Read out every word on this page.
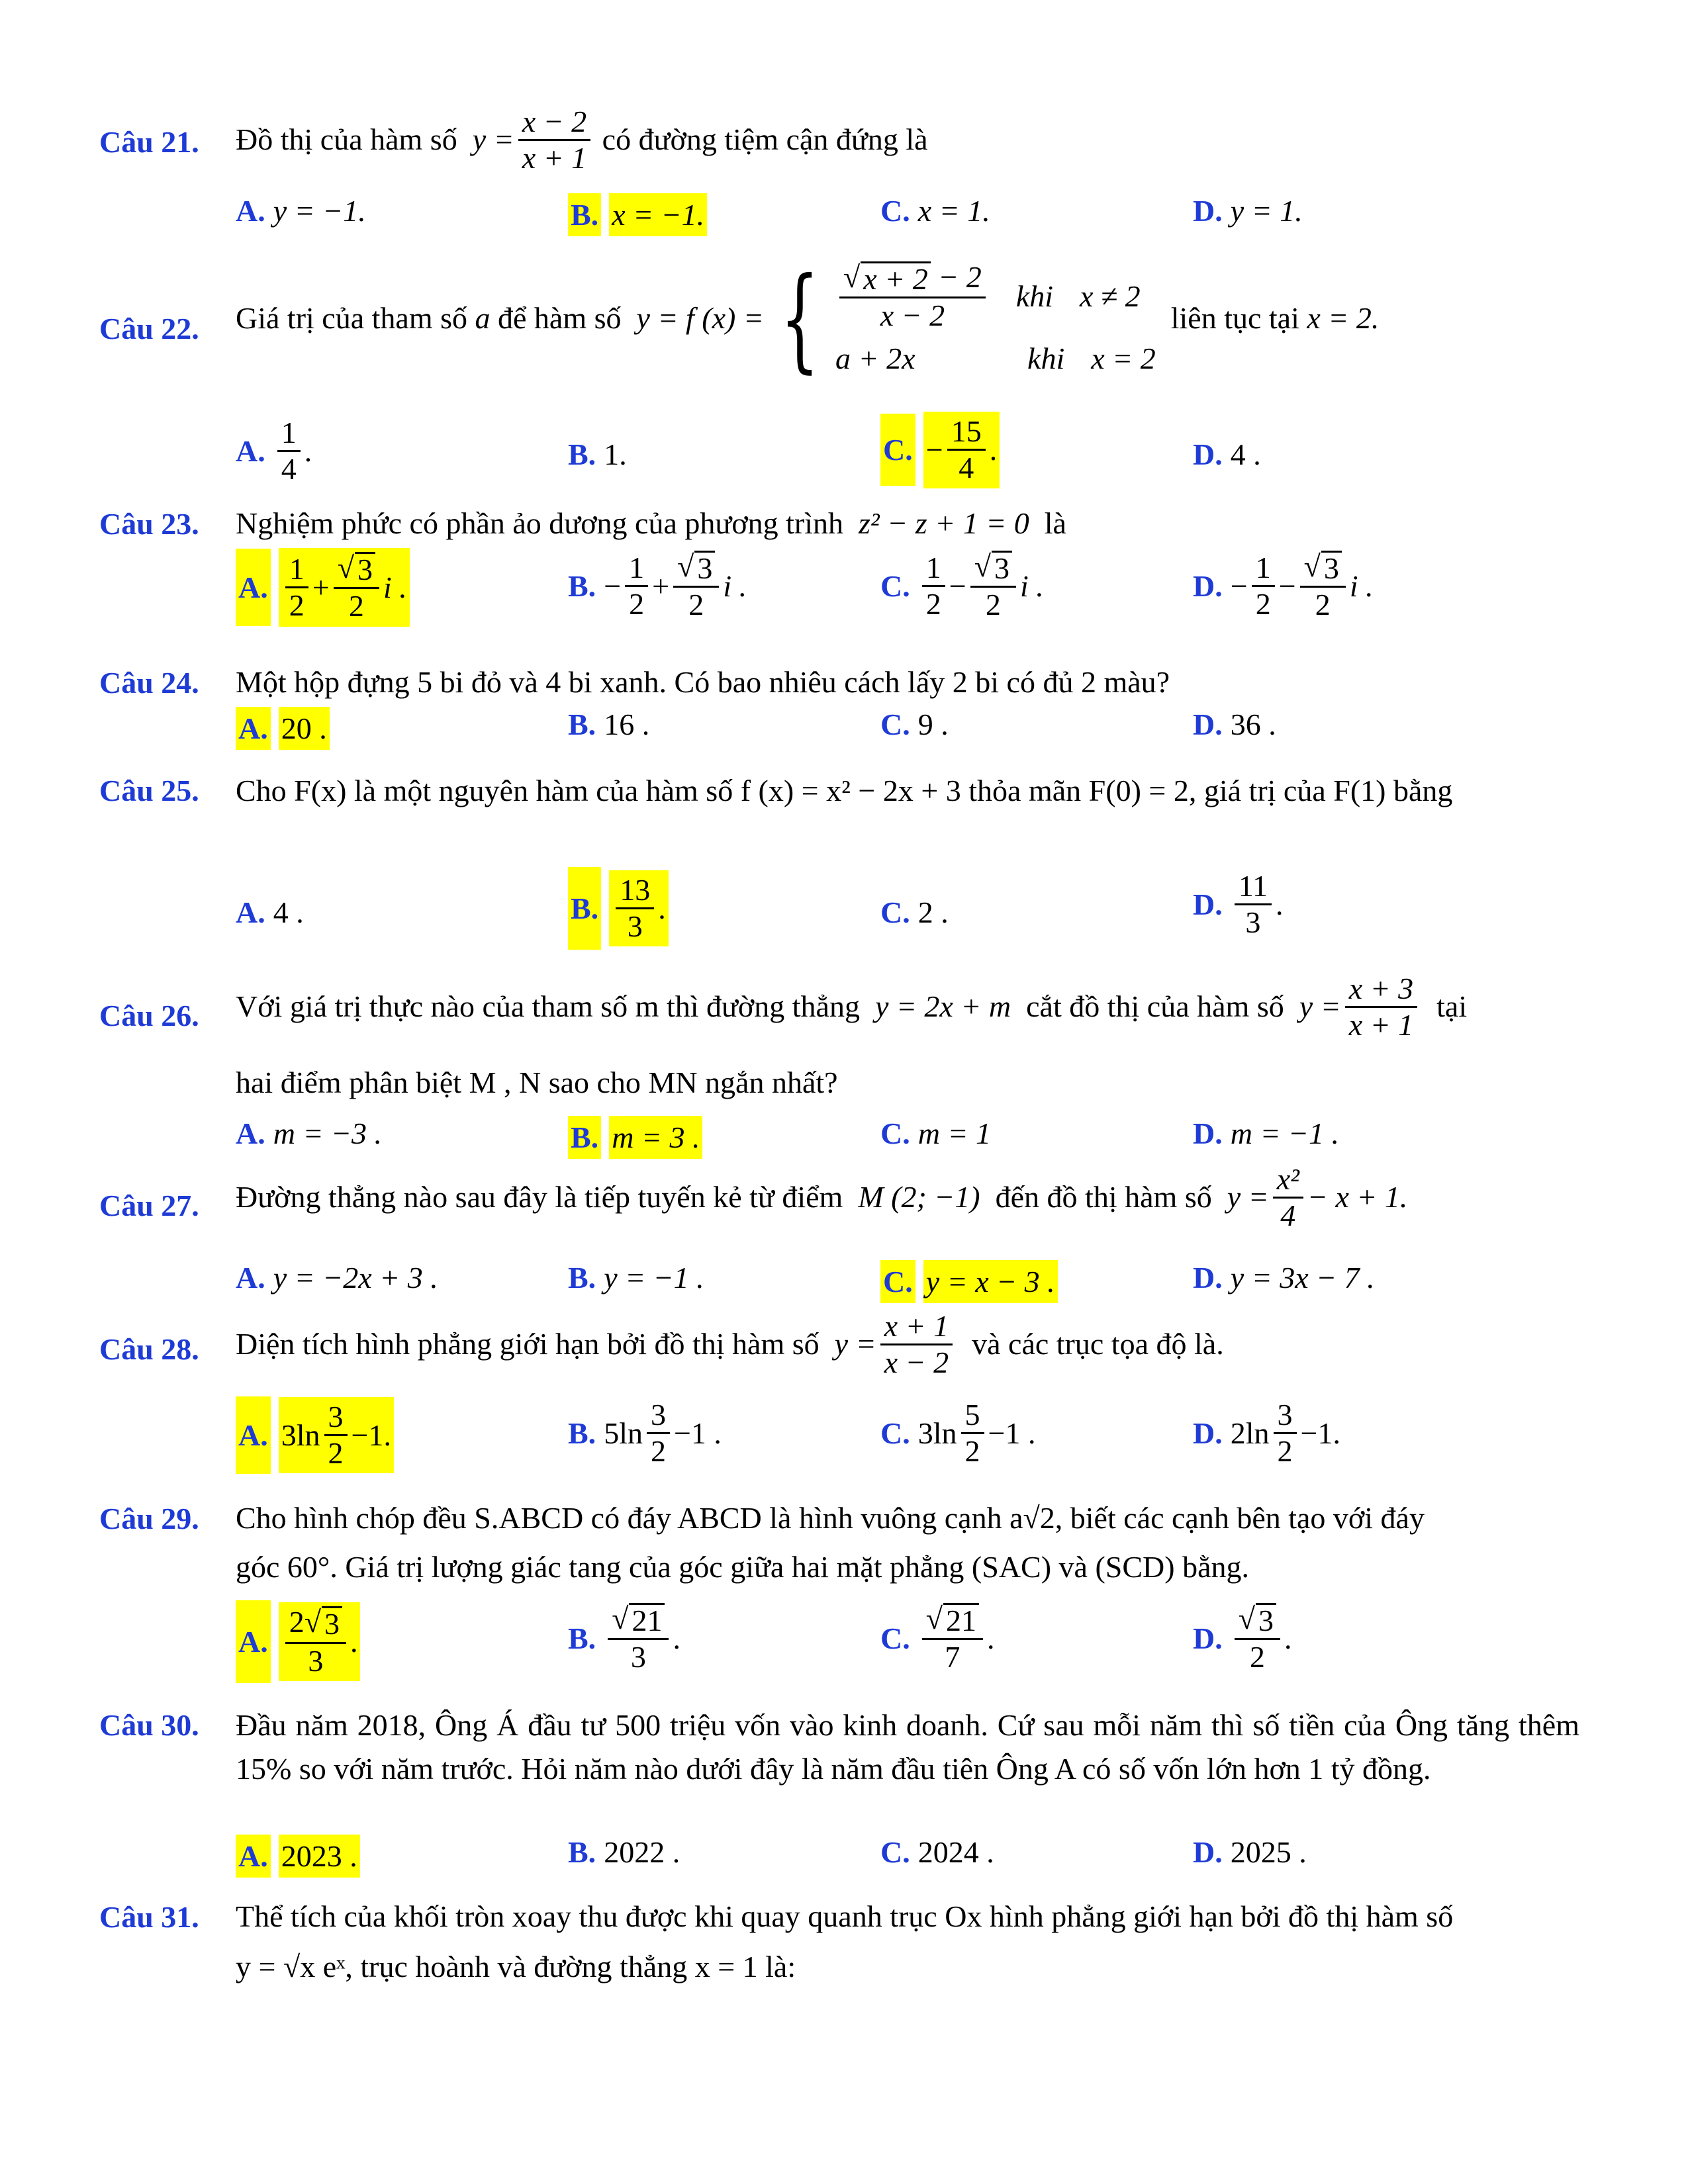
Câu 21. Đồ thị của hàm số
$y = \frac{x - 2}{x + 1}$
có đường tiệm cận đứng là
A. y = −1.	B. x = −1.	C. x = 1.	D. y = 1.
Câu 22. Giá trị của tham số
a
để hàm số
y = f (x) = { $\frac{√ x + 2 - 2}{x - 2}$ khi x ≠ 2
a + 2x	khi x = 2

liên tục tại
x = 2.
A. $\frac{1}{4}$ .	B. 1.	C. − $\frac{15}{4}$ .	D. 4 .
Câu 23. Nghiệm phức có phần ảo dương của phương trình z² − z + 1 = 0 là
A. $\frac{1}{2} + \frac{√ 3}{2}$ i .	B. − $\frac{1}{2} + \frac{√ 3}{2}$ i .	C. $\frac{1}{2} - \frac{√ 3}{2}$ i .	D. − $\frac{1}{2} - \frac{√ 3}{2}$ i .
Câu 24. Một hộp đựng 5 bi đỏ và 4 bi xanh. Có bao nhiêu cách lấy 2 bi có đủ 2 màu?
A. 20 .	B. 16 .	C. 9 .	D. 36 .
Câu 25. Cho F(x) là một nguyên hàm của hàm số f (x) = x² − 2x + 3 thỏa mãn F(0) = 2, giá trị của F(1) bằng
A. 4 .	B. $\frac{13}{3}$ .	C. 2 .	D. $\frac{11}{3}$ .
Câu 26. Với giá trị thực nào của tham số m thì đường thẳng
y = 2x + m
cắt đồ thị của hàm số
$y = \frac{x + 3}{x + 1}$
tại
hai điểm phân biệt M , N sao cho MN ngắn nhất?
A. m = −3 .	B. m = 3 .	C. m = 1	D. m = −1 .
Câu 27. Đường thẳng nào sau đây là tiếp tuyến kẻ từ điểm
M (2; −1)
đến đồ thị hàm số
$y = \frac{\text{x²}}{4} - x + 1$.
A. y = −2x + 3 .	B. y = −1 .	C. y = x − 3 .	D. y = 3x − 7 .
Câu 28. Diện tích hình phẳng giới hạn bởi đồ thị hàm số
$y = \frac{x + 1}{x - 2}$
và các trục tọa độ là.
A. $3\ln \frac{3}{2} -1$.	B. $5\ln \frac{3}{2} -1$ .	C. $3\ln \frac{5}{2} -1$ .	D. $2\ln \frac{3}{2} -1$.
Câu 29. Cho hình chóp đều S.ABCD có đáy ABCD là hình vuông cạnh a√2, biết các cạnh bên tạo với đáy
góc 60°. Giá trị lượng giác tang của góc giữa hai mặt phẳng (SAC) và (SCD) bằng.
A. $\frac{2 √ 3}{3}$ .	B. $\frac{√ 21}{3}$ .	C. $\frac{√ 21}{7}$ .	D. $\frac{√ 3}{2}$ .
Câu 30. Đầu năm 2018, Ông Á đầu tư 500 triệu vốn vào kinh doanh. Cứ sau mỗi năm thì số tiền của Ông tăng thêm 15% so với năm trước. Hỏi năm nào dưới đây là năm đầu tiên Ông A có số vốn lớn hơn 1 tỷ đồng.
A. 2023 .	B. 2022 .	C. 2024 .	D. 2025 .
Câu 31. Thể tích của khối tròn xoay thu được khi quay quanh trục Ox hình phẳng giới hạn bởi đồ thị hàm số
y = √x eˣ, trục hoành và đường thẳng x = 1 là:
